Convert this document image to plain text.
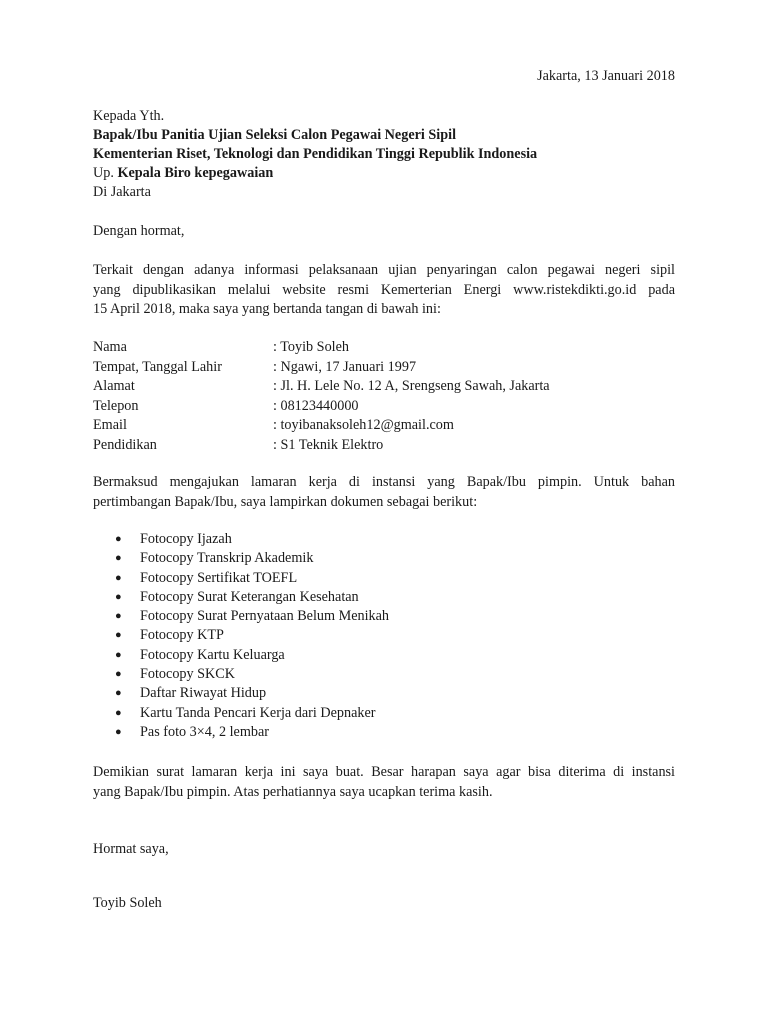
Jakarta, 13 Januari 2018
Kepada Yth.
Bapak/Ibu Panitia Ujian Seleksi Calon Pegawai Negeri Sipil
Kementerian Riset, Teknologi dan Pendidikan Tinggi Republik Indonesia
Up. Kepala Biro kepegawaian
Di Jakarta
Dengan hormat,
Terkait dengan adanya informasi pelaksanaan ujian penyaringan calon pegawai negeri sipil
yang dipublikasikan melalui website resmi Kemerterian Energi www.ristekdikti.go.id pada
15 April 2018, maka saya yang bertanda tangan di bawah ini:
Nama	: Toyib Soleh
Tempat, Tanggal Lahir	: Ngawi, 17 Januari 1997
Alamat	: Jl. H. Lele No. 12 A, Srengseng Sawah, Jakarta
Telepon	: 08123440000
Email	: toyibanaksoleh12@gmail.com
Pendidikan	: S1 Teknik Elektro
Bermaksud mengajukan lamaran kerja di instansi yang Bapak/Ibu pimpin. Untuk bahan
pertimbangan Bapak/Ibu, saya lampirkan dokumen sebagai berikut:
● Fotocopy Ijazah
● Fotocopy Transkrip Akademik
● Fotocopy Sertifikat TOEFL
● Fotocopy Surat Keterangan Kesehatan
● Fotocopy Surat Pernyataan Belum Menikah
● Fotocopy KTP
● Fotocopy Kartu Keluarga
● Fotocopy SKCK
● Daftar Riwayat Hidup
● Kartu Tanda Pencari Kerja dari Depnaker
● Pas foto 3×4, 2 lembar
Demikian surat lamaran kerja ini saya buat. Besar harapan saya agar bisa diterima di instansi
yang Bapak/Ibu pimpin. Atas perhatiannya saya ucapkan terima kasih.
Hormat saya,
Toyib Soleh
